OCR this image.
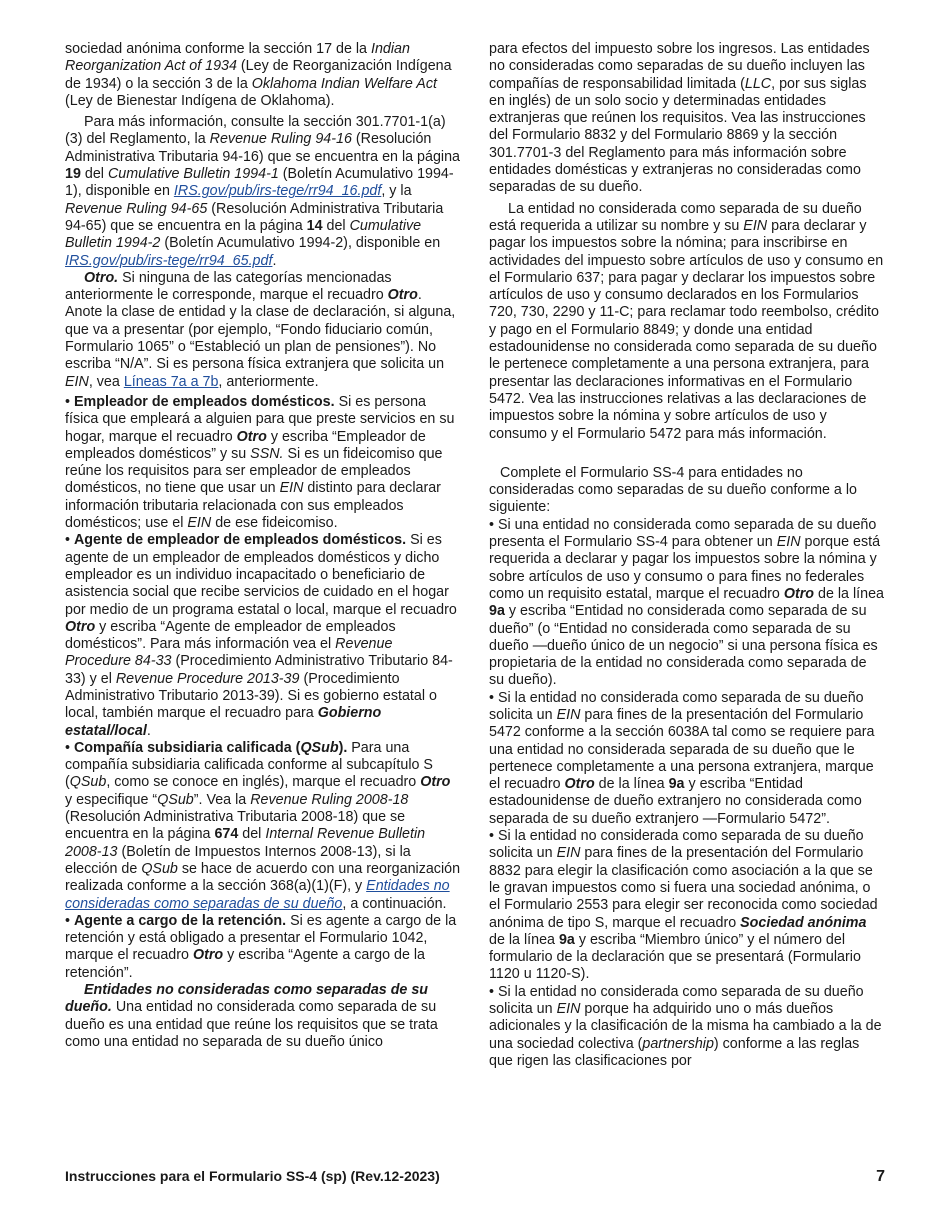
sociedad anónima conforme la sección 17 de la Indian Reorganization Act of 1934 (Ley de Reorganización Indígena de 1934) o la sección 3 de la Oklahoma Indian Welfare Act (Ley de Bienestar Indígena de Oklahoma).

Para más información, consulte la sección 301.7701-1(a)(3) del Reglamento, la Revenue Ruling 94-16 (Resolución Administrativa Tributaria 94-16) que se encuentra en la página 19 del Cumulative Bulletin 1994-1 (Boletín Acumulativo 1994-1), disponible en IRS.gov/pub/irs-tege/rr94_16.pdf, y la Revenue Ruling 94-65 (Resolución Administrativa Tributaria 94-65) que se encuentra en la página 14 del Cumulative Bulletin 1994-2 (Boletín Acumulativo 1994-2), disponible en IRS.gov/pub/irs-tege/rr94_65.pdf.

Otro. Si ninguna de las categorías mencionadas anteriormente le corresponde, marque el recuadro Otro. Anote la clase de entidad y la clase de declaración, si alguna, que va a presentar (por ejemplo, “Fondo fiduciario común, Formulario 1065” o “Estableció un plan de pensiones”). No escriba “N/A”. Si es persona física extranjera que solicita un EIN, vea Líneas 7a a 7b, anteriormente.

• Empleador de empleados domésticos. Si es persona física que empleará a alguien para que preste servicios en su hogar, marque el recuadro Otro y escriba “Empleador de empleados domésticos” y su SSN. Si es un fideicomiso que reúne los requisitos para ser empleador de empleados domésticos, no tiene que usar un EIN distinto para declarar información tributaria relacionada con sus empleados domésticos; use el EIN de ese fideicomiso.

• Agente de empleador de empleados domésticos. Si es agente de un empleador de empleados domésticos y dicho empleador es un individuo incapacitado o beneficiario de asistencia social que recibe servicios de cuidado en el hogar por medio de un programa estatal o local, marque el recuadro Otro y escriba “Agente de empleador de empleados domésticos”. Para más información vea el Revenue Procedure 84-33 (Procedimiento Administrativo Tributario 84-33) y el Revenue Procedure 2013-39 (Procedimiento Administrativo Tributario 2013-39). Si es gobierno estatal o local, también marque el recuadro para Gobierno estatal/local.

• Compañía subsidiaria calificada (QSub). Para una compañía subsidiaria calificada conforme al subcapítulo S (QSub, como se conoce en inglés), marque el recuadro Otro y especifique “QSub”. Vea la Revenue Ruling 2008-18 (Resolución Administrativa Tributaria 2008-18) que se encuentra en la página 674 del Internal Revenue Bulletin 2008-13 (Boletín de Impuestos Internos 2008-13), si la elección de QSub se hace de acuerdo con una reorganización realizada conforme a la sección 368(a)(1)(F), y Entidades no consideradas como separadas de su dueño, a continuación.

• Agente a cargo de la retención. Si es agente a cargo de la retención y está obligado a presentar el Formulario 1042, marque el recuadro Otro y escriba “Agente a cargo de la retención”.

Entidades no consideradas como separadas de su dueño. Una entidad no considerada como separada de su dueño es una entidad que reúne los requisitos que se trata como una entidad no separada de su dueño único

para efectos del impuesto sobre los ingresos. Las entidades no consideradas como separadas de su dueño incluyen las compañías de responsabilidad limitada (LLC, por sus siglas en inglés) de un solo socio y determinadas entidades extranjeras que reúnen los requisitos. Vea las instrucciones del Formulario 8832 y del Formulario 8869 y la sección 301.7701-3 del Reglamento para más información sobre entidades domésticas y extranjeras no consideradas como separadas de su dueño.

La entidad no considerada como separada de su dueño está requerida a utilizar su nombre y su EIN para declarar y pagar los impuestos sobre la nómina; para inscribirse en actividades del impuesto sobre artículos de uso y consumo en el Formulario 637; para pagar y declarar los impuestos sobre artículos de uso y consumo declarados en los Formularios 720, 730, 2290 y 11-C; para reclamar todo reembolso, crédito y pago en el Formulario 8849; y donde una entidad estadounidense no considerada como separada de su dueño le pertenece completamente a una persona extranjera, para presentar las declaraciones informativas en el Formulario 5472. Vea las instrucciones relativas a las declaraciones de impuestos sobre la nómina y sobre artículos de uso y consumo y el Formulario 5472 para más información.

Complete el Formulario SS-4 para entidades no consideradas como separadas de su dueño conforme a lo siguiente:

• Si una entidad no considerada como separada de su dueño presenta el Formulario SS-4 para obtener un EIN porque está requerida a declarar y pagar los impuestos sobre la nómina y sobre artículos de uso y consumo o para fines no federales como un requisito estatal, marque el recuadro Otro de la línea 9a y escriba “Entidad no considerada como separada de su dueño” (o “Entidad no considerada como separada de su dueño —dueño único de un negocio” si una persona física es propietaria de la entidad no considerada como separada de su dueño).

• Si la entidad no considerada como separada de su dueño solicita un EIN para fines de la presentación del Formulario 5472 conforme a la sección 6038A tal como se requiere para una entidad no considerada separada de su dueño que le pertenece completamente a una persona extranjera, marque el recuadro Otro de la línea 9a y escriba “Entidad estadounidense de dueño extranjero no considerada como separada de su dueño extranjero —Formulario 5472”.

• Si la entidad no considerada como separada de su dueño solicita un EIN para fines de la presentación del Formulario 8832 para elegir la clasificación como asociación a la que se le gravan impuestos como si fuera una sociedad anónima, o el Formulario 2553 para elegir ser reconocida como sociedad anónima de tipo S, marque el recuadro Sociedad anónima de la línea 9a y escriba “Miembro único” y el número del formulario de la declaración que se presentará (Formulario 1120 u 1120-S).

• Si la entidad no considerada como separada de su dueño solicita un EIN porque ha adquirido uno o más dueños adicionales y la clasificación de la misma ha cambiado a la de una sociedad colectiva (partnership) conforme a las reglas que rigen las clasificaciones por

Instrucciones para el Formulario SS-4 (sp) (Rev.12-2023)	7
